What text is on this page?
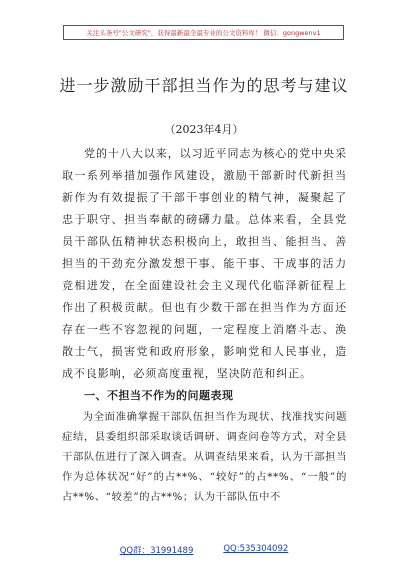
关注头条号"公文研究"，获得最新最全最专业的公文资料库！ 微信：gongwenv1
进一步激励干部担当作为的思考与建议
（2023年4月）

党的十八大以来，以习近平同志为核心的党中央采取一系列举措加强作风建设，激励干部新时代新担当新作为有效提振了干部干事创业的精气神，凝聚起了忠于职守、担当奉献的磅礴力量。总体来看，全县党员干部队伍精神状态积极向上，敢担当、能担当、善担当的干劲充分激发想干事、能干事、干成事的活力竞相迸发，在全面建设社会主义现代化临泽新征程上作出了积极贡献。但也有少数干部在担当作为方面还存在一些不容忽视的问题，一定程度上消磨斗志、涣散士气，损害党和政府形象，影响党和人民事业，造成不良影响，必须高度重视，坚决防范和纠正。

一、不担当不作为的问题表现

为全面准确掌握干部队伍担当作为现状、找准找实问题症结，县委组织部采取谈话调研、调查问卷等方式，对全县干部队伍进行了深入调查。从调查结果来看，认为干部担当作为总体状况“好”的占**%、“较好”的占**%、“一般”的占**%、“较差”的占**%；认为干部队伍中不

QQ群：31991489	QQ:535304092
